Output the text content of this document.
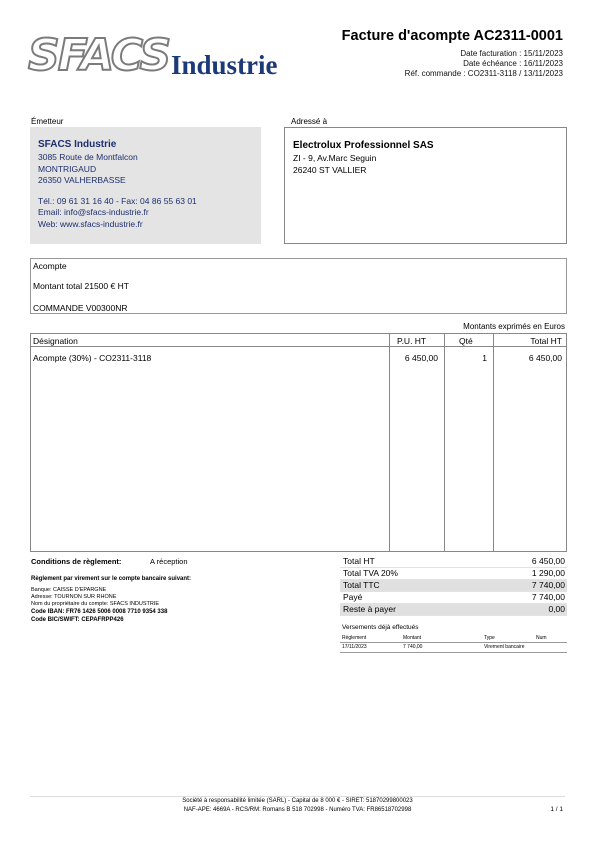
SFACS Industrie
Facture d'acompte AC2311-0001
Date facturation : 15/11/2023
Date échéance : 16/11/2023
Réf. commande : CO2311-3118 / 13/11/2023
Émetteur	Adressé à
SFACS Industrie
3085 Route de Montfalcon
MONTRIGAUD
26350 VALHERBASSE
Tél.: 09 61 31 16 40 - Fax: 04 86 55 63 01
Email: info@sfacs-industrie.fr
Web: www.sfacs-industrie.fr
Electrolux Professionnel SAS
ZI - 9, Av.Marc Seguin
26240 ST VALLIER
Acompte
Montant total 21500 € HT
COMMANDE V00300NR
Montants exprimés en Euros
Désignation	P.U. HT	Qté	Total HT
Acompte (30%) - CO2311-3118	6 450,00	1	6 450,00
Conditions de règlement:	A réception
Règlement par virement sur le compte bancaire suivant:
Banque: CAISSE D'EPARGNE
Adresse: TOURNON SUR RHONE
Nom du propriétaire du compte: SFACS INDUSTRIE
Code IBAN: FR76 1426 5006 0008 7710 9354 338
Code BIC/SWIFT: CEPAFRPP426
Total HT	6 450,00
Total TVA 20%	1 290,00
Total TTC	7 740,00
Payé	7 740,00
Reste à payer	0,00
Versements déjà effectués
Règlement	Montant	Type	Num
17/11/2023	7 740,00	Virement bancaire
Société à responsabilité limitée (SARL) - Capital de 8 000 € - SIRET: 51870299800023
NAF-APE: 4669A - RCS/RM: Romans B 518 702998 - Numéro TVA: FR86518702998	1 / 1
